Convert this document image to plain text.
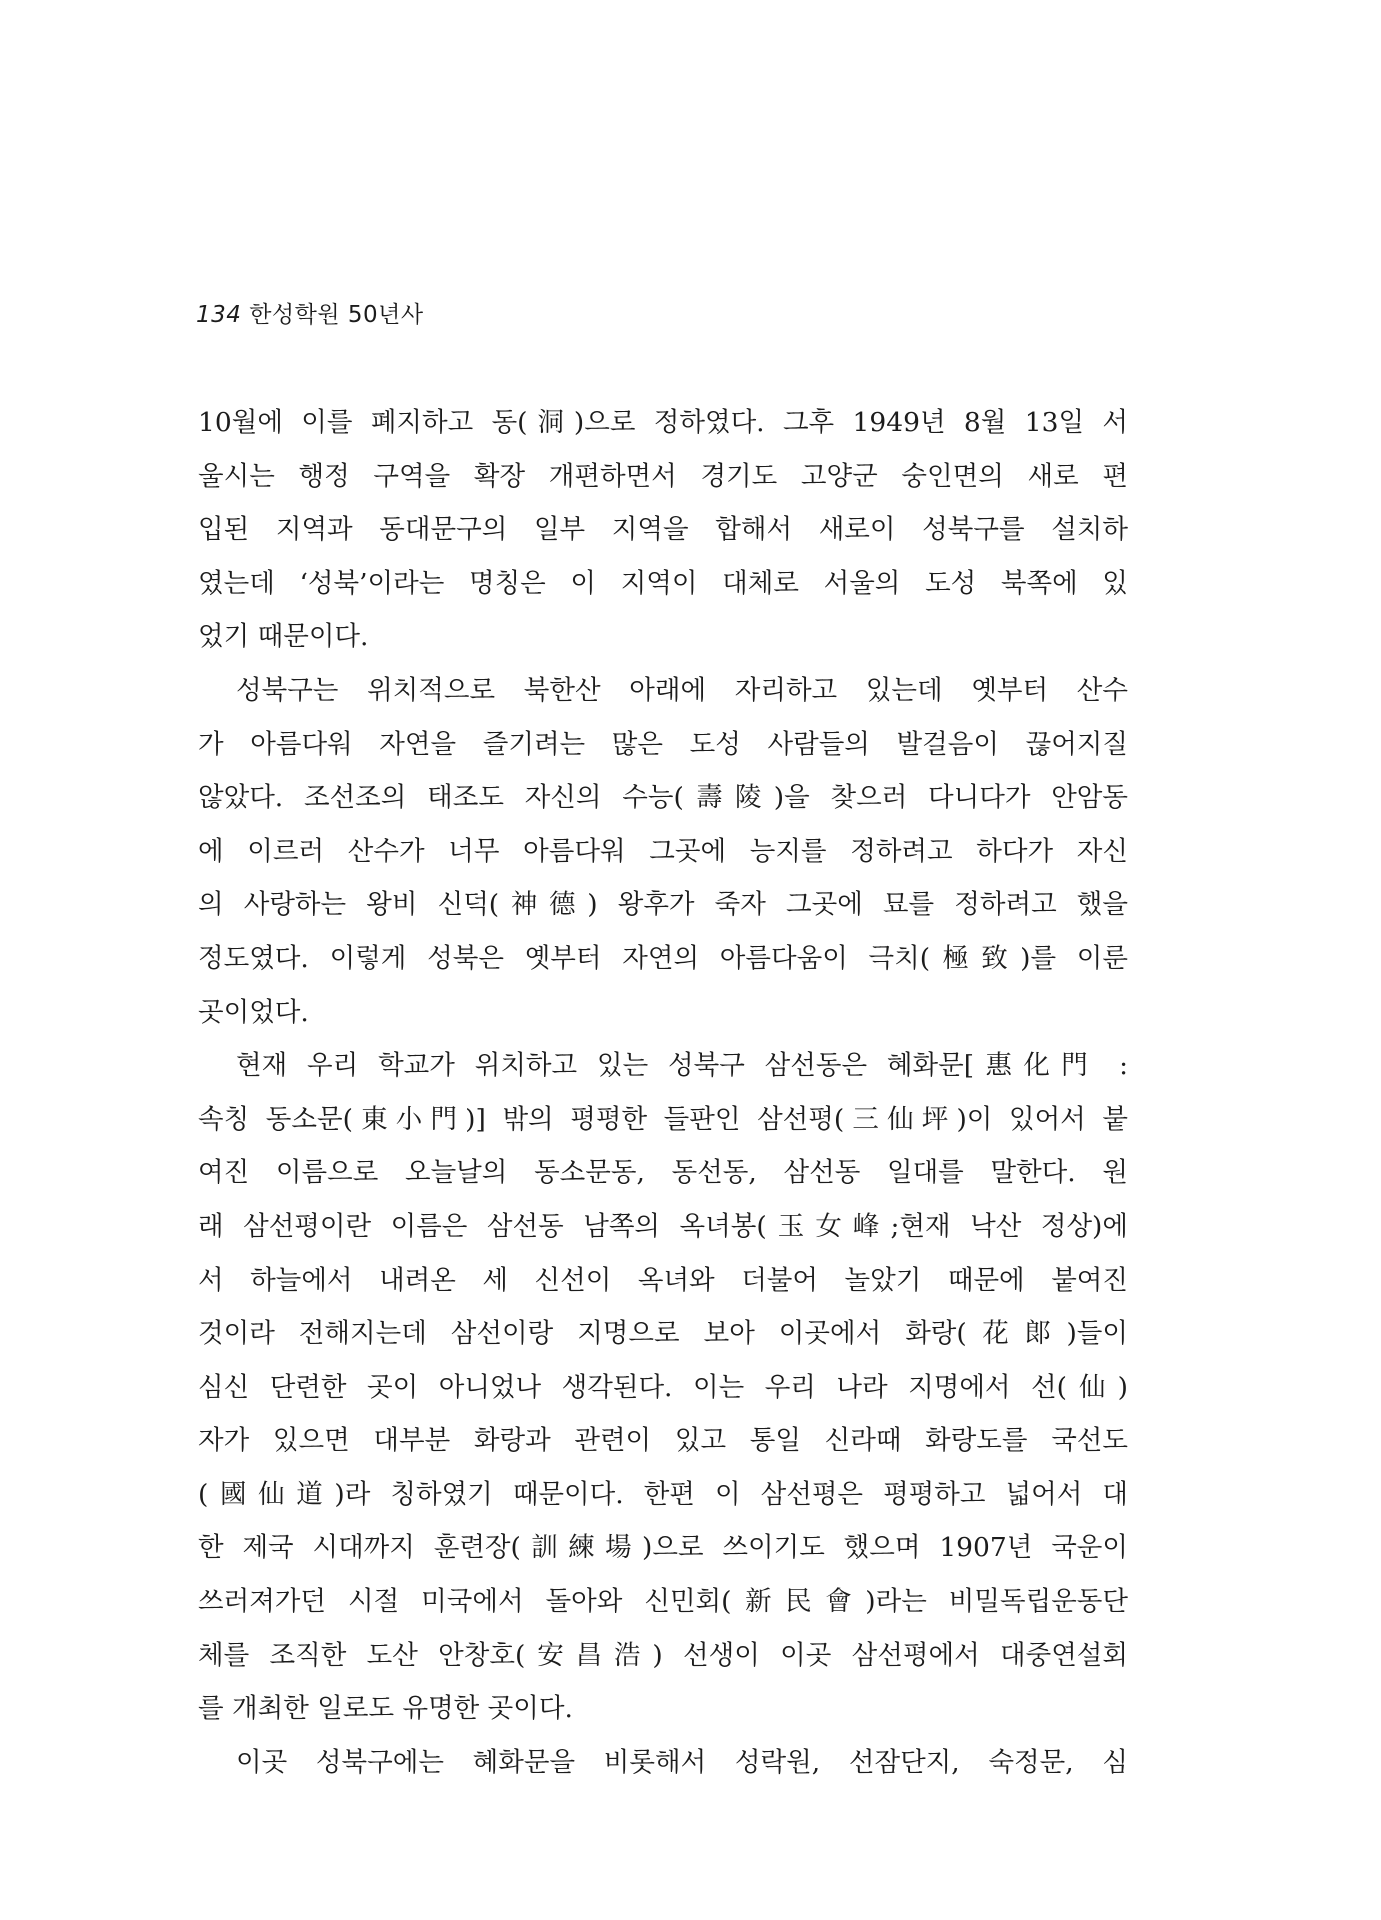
134 한성학원 50년사
10월에 이를 폐지하고 동(洞)으로 정하였다. 그후 1949년 8월 13일 서
울시는 행정 구역을 확장 개편하면서 경기도 고양군 숭인면의 새로 편
입된 지역과 동대문구의 일부 지역을 합해서 새로이 성북구를 설치하
였는데 ‘성북’이라는 명칭은 이 지역이 대체로 서울의 도성 북쪽에 있
었기 때문이다.
성북구는 위치적으로 북한산 아래에 자리하고 있는데 옛부터 산수
가 아름다워 자연을 즐기려는 많은 도성 사람들의 발걸음이 끊어지질
않았다. 조선조의 태조도 자신의 수능(壽陵)을 찾으러 다니다가 안암동
에 이르러 산수가 너무 아름다워 그곳에 능지를 정하려고 하다가 자신
의 사랑하는 왕비 신덕(神德) 왕후가 죽자 그곳에 묘를 정하려고 했을
정도였다. 이렇게 성북은 옛부터 자연의 아름다움이 극치(極致)를 이룬
곳이었다.
현재 우리 학교가 위치하고 있는 성북구 삼선동은 혜화문[惠化門 :
속칭 동소문(東小門)] 밖의 평평한 들판인 삼선평(三仙坪)이 있어서 붙
여진 이름으로 오늘날의 동소문동, 동선동, 삼선동 일대를 말한다. 원
래 삼선평이란 이름은 삼선동 남쪽의 옥녀봉(玉女峰;현재 낙산 정상)에
서 하늘에서 내려온 세 신선이 옥녀와 더불어 놀았기 때문에 붙여진
것이라 전해지는데 삼선이랑 지명으로 보아 이곳에서 화랑(花郞)들이
심신 단련한 곳이 아니었나 생각된다. 이는 우리 나라 지명에서 선(仙)
자가 있으면 대부분 화랑과 관련이 있고 통일 신라때 화랑도를 국선도
(國仙道)라 칭하였기 때문이다. 한편 이 삼선평은 평평하고 넓어서 대
한 제국 시대까지 훈련장(訓練場)으로 쓰이기도 했으며 1907년 국운이
쓰러져가던 시절 미국에서 돌아와 신민회(新民會)라는 비밀독립운동단
체를 조직한 도산 안창호(安昌浩) 선생이 이곳 삼선평에서 대중연설회
를 개최한 일로도 유명한 곳이다.
이곳 성북구에는 혜화문을 비롯해서 성락원, 선잠단지, 숙정문, 심
